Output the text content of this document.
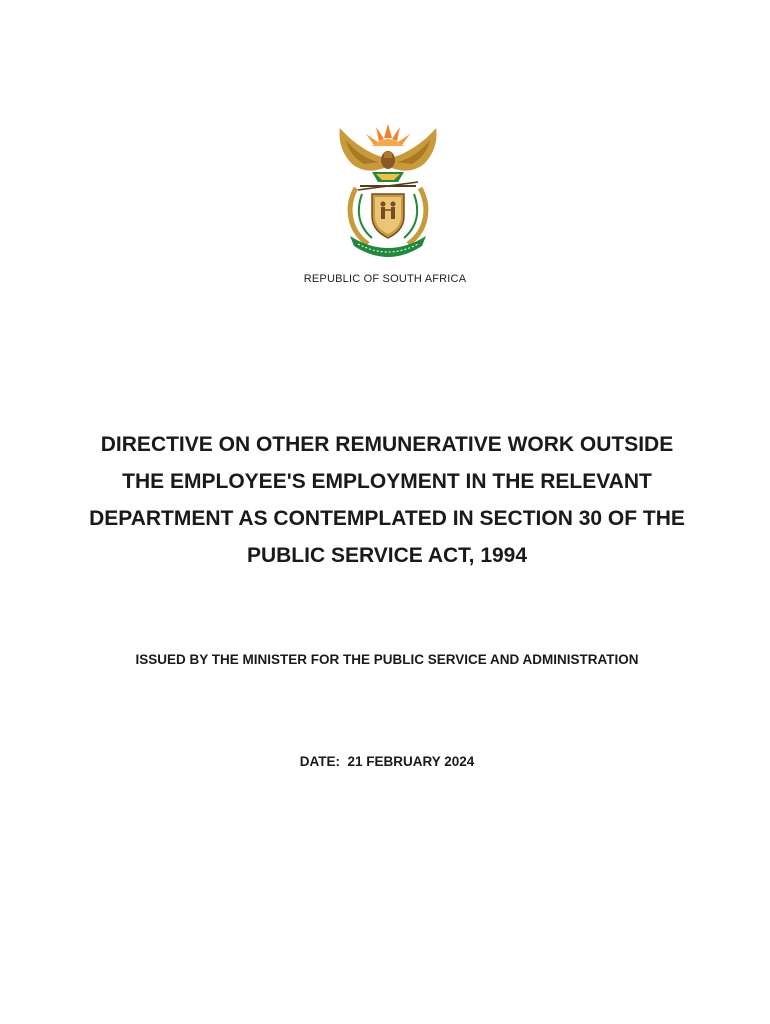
REPUBLIC OF SOUTH AFRICA
DIRECTIVE ON OTHER REMUNERATIVE WORK OUTSIDE
THE EMPLOYEE'S EMPLOYMENT IN THE RELEVANT
DEPARTMENT AS CONTEMPLATED IN SECTION 30 OF THE
PUBLIC SERVICE ACT, 1994
ISSUED BY THE MINISTER FOR THE PUBLIC SERVICE AND ADMINISTRATION
DATE: 21 FEBRUARY 2024
